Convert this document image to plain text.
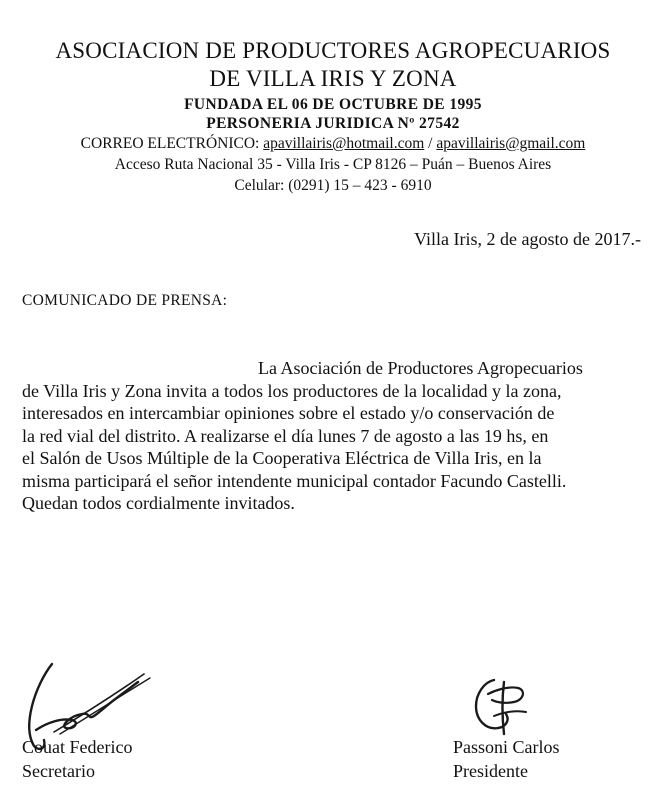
ASOCIACION DE PRODUCTORES AGROPECUARIOS
DE VILLA IRIS Y ZONA
FUNDADA EL 06 DE OCTUBRE DE 1995
PERSONERIA JURIDICA Nº 27542
CORREO ELECTRÓNICO: apavillairis@hotmail.com / apavillairis@gmail.com
Acceso Ruta Nacional 35 - Villa Iris - CP 8126 – Puán – Buenos Aires
Celular: (0291) 15 – 423 - 6910
Villa Iris, 2 de agosto de 2017.-
COMUNICADO DE PRENSA:
La Asociación de Productores Agropecuarios
de Villa Iris y Zona invita a todos los productores de la localidad y la zona,
interesados en intercambiar opiniones sobre el estado y/o conservación de
la red vial del distrito. A realizarse el día lunes 7 de agosto a las 19 hs, en
el Salón de Usos Múltiple de la Cooperativa Eléctrica de Villa Iris, en la
misma participará el señor intendente municipal contador Facundo Castelli.
Quedan todos cordialmente invitados.
Couat Federico
Secretario
Passoni Carlos
Presidente
